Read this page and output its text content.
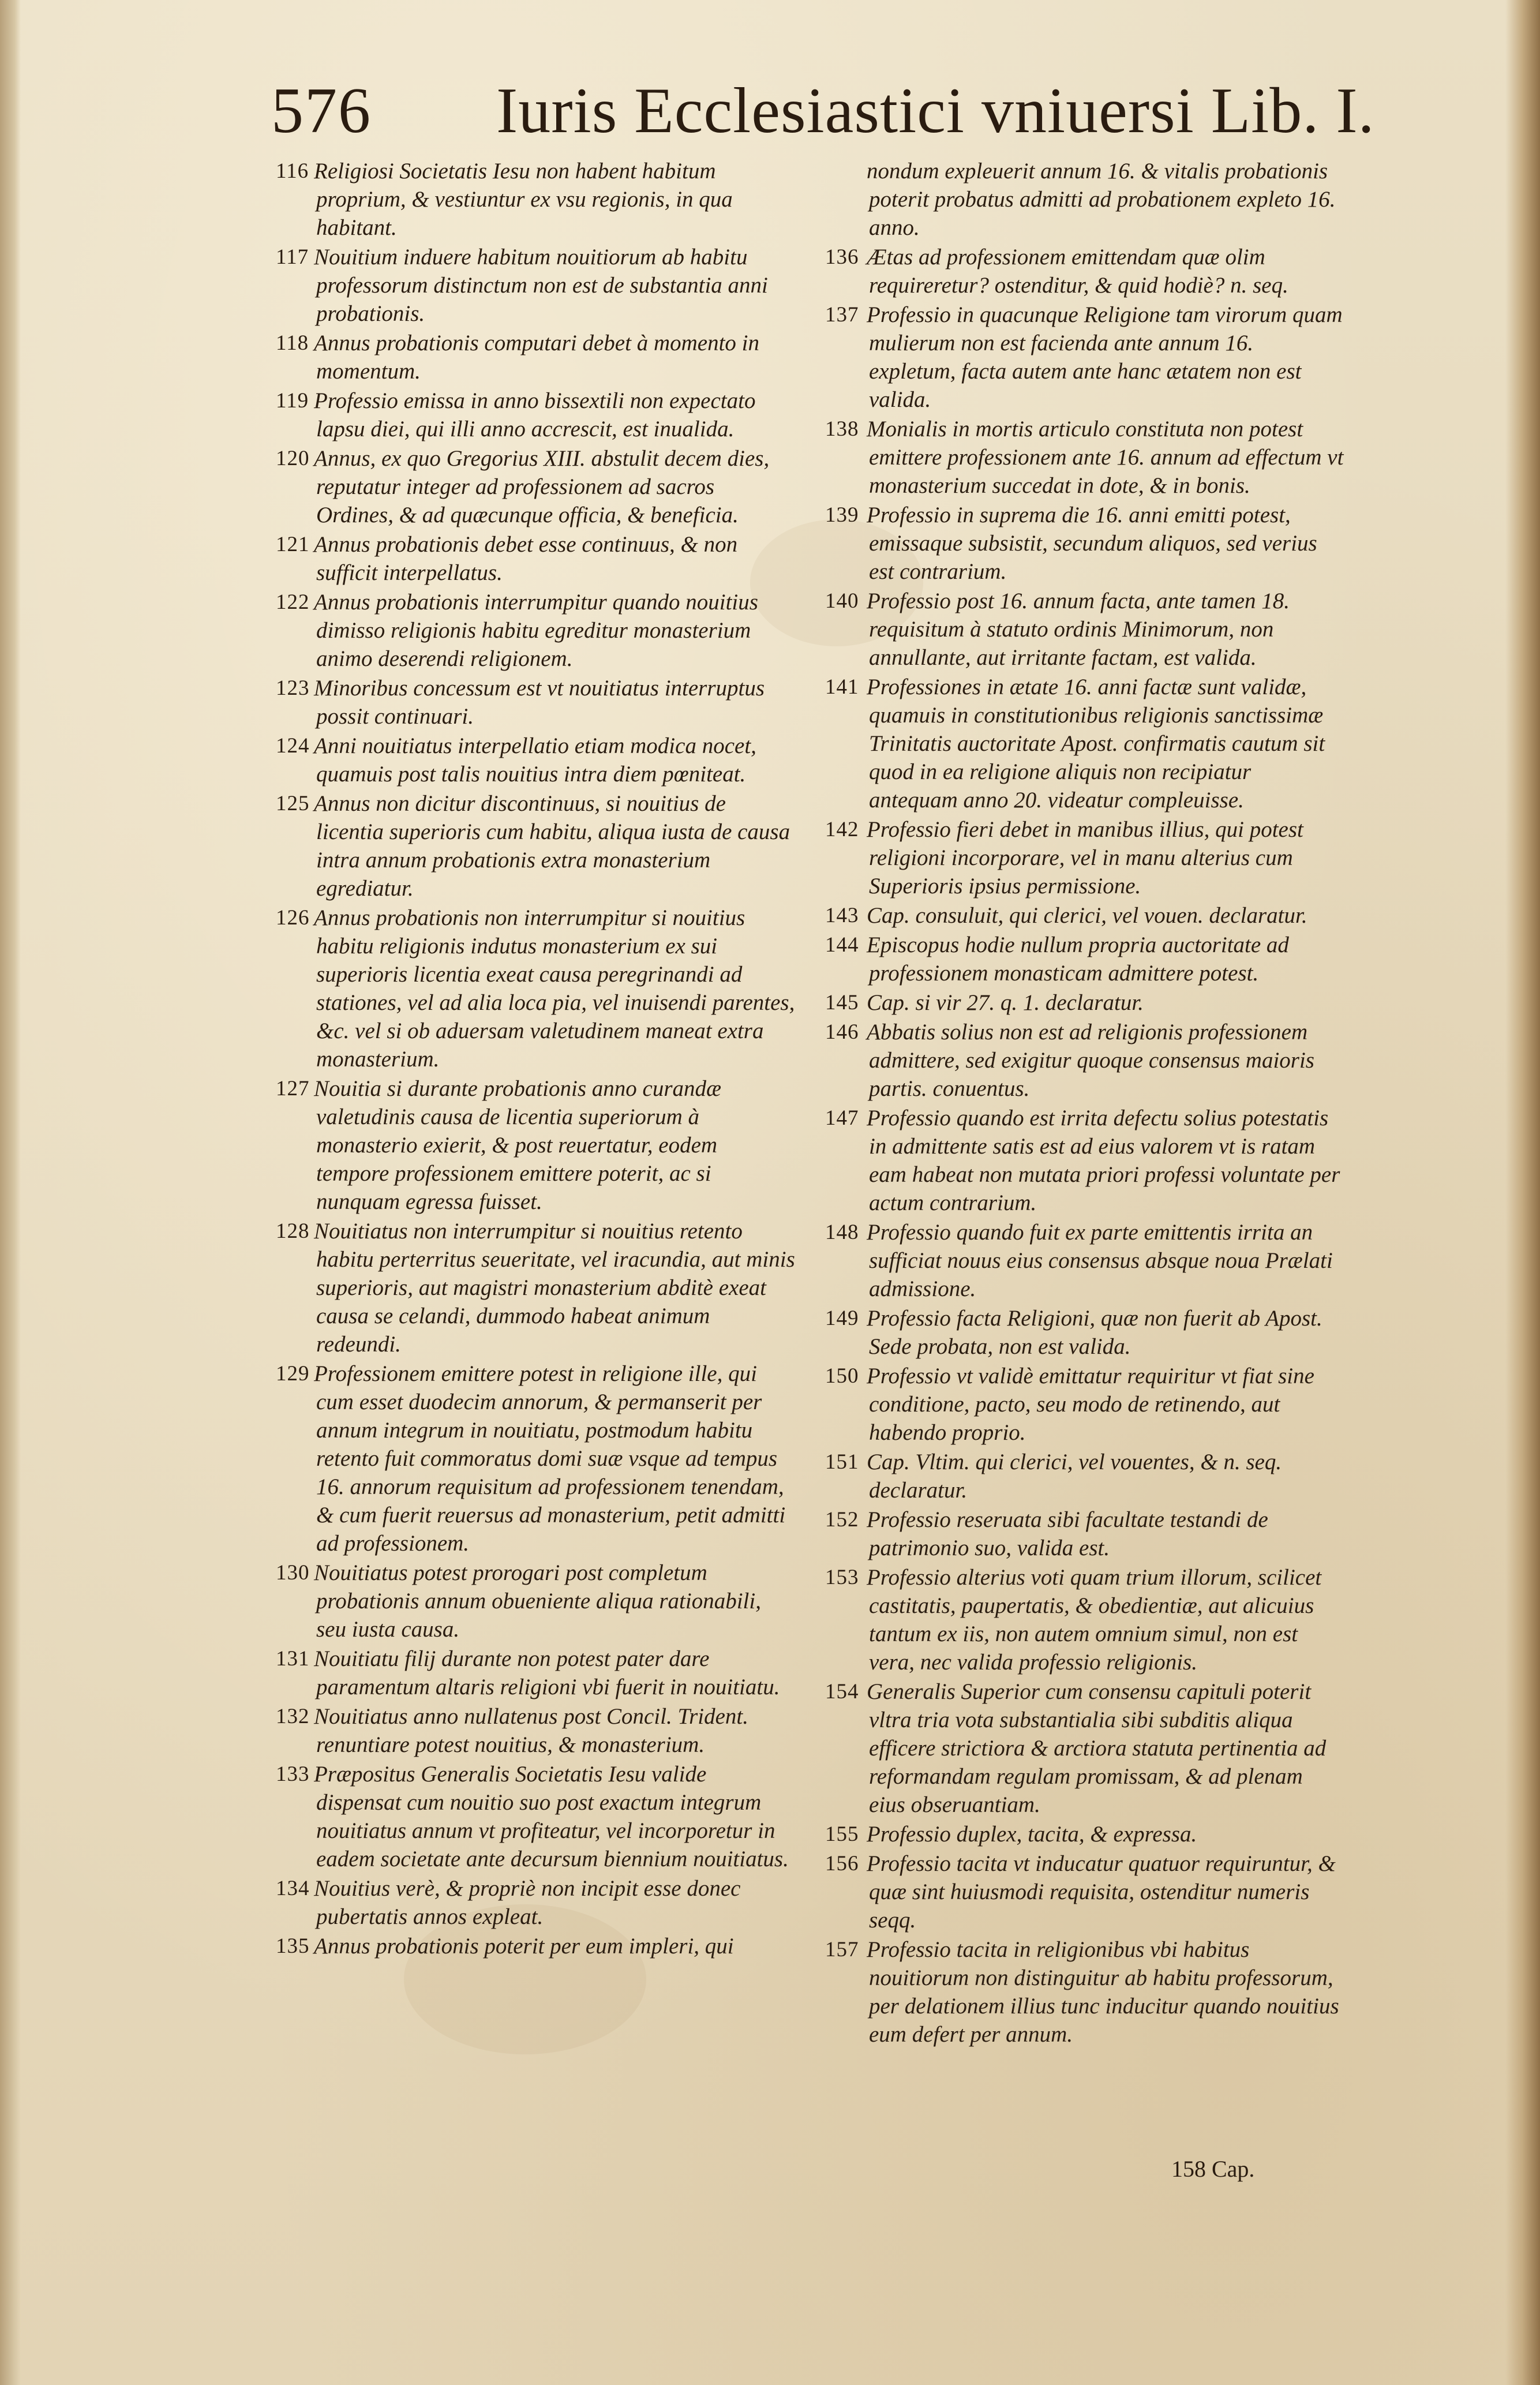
576 Iuris Ecclesiastici vniuersi Lib. I.
116 Religiosi Societatis Iesu non habent habitum proprium, & vestiuntur ex vsu regionis, in qua habitant.
117 Nouitium induere habitum nouitiorum ab habitu professorum distinctum non est de substantia anni probationis.
118 Annus probationis computari debet à momento in momentum.
119 Professio emissa in anno bissextili non expectato lapsu diei, qui illi anno accrescit, est inualida.
120 Annus, ex quo Gregorius XIII. abstulit decem dies, reputatur integer ad professionem ad sacros Ordines, & ad quæcunque officia, & beneficia.
121 Annus probationis debet esse continuus, & non sufficit interpellatus.
122 Annus probationis interrumpitur quando nouitius dimisso religionis habitu egreditur monasterium animo deserendi religionem.
123 Minoribus concessum est vt nouitiatus interruptus possit continuari.
124 Anni nouitiatus interpellatio etiam modica nocet, quamuis post talis nouitius intra diem pœniteat.
125 Annus non dicitur discontinuus, si nouitius de licentia superioris cum habitu, aliqua iusta de causa intra annum probationis extra monasterium egrediatur.
126 Annus probationis non interrumpitur si nouitius habitu religionis indutus monasterium ex sui superioris licentia exeat causa peregrinandi ad stationes, vel ad alia loca pia, vel inuisendi parentes, &c. vel si ob aduersam valetudinem maneat extra monasterium.
127 Nouitia si durante probationis anno curandæ valetudinis causa de licentia superiorum à monasterio exierit, & post reuertatur, eodem tempore professionem emittere poterit, ac si nunquam egressa fuisset.
128 Nouitiatus non interrumpitur si nouitius retento habitu perterritus seueritate, vel iracundia, aut minis superioris, aut magistri monasterium abditè exeat causa se celandi, dummodo habeat animum redeundi.
129 Professionem emittere potest in religione ille, qui cum esset duodecim annorum, & permanserit per annum integrum in nouitiatu, postmodum habitu retento fuit commoratus domi suæ vsque ad tempus 16. annorum requisitum ad professionem tenendam, & cum fuerit reuersus ad monasterium, petit admitti ad professionem.
130 Nouitiatus potest prorogari post completum probationis annum obueniente aliqua rationabili, seu iusta causa.
131 Nouitiatu filij durante non potest pater dare paramentum altaris religioni vbi fuerit in nouitiatu.
132 Nouitiatus anno nullatenus post Concil. Trident. renuntiare potest nouitius, & monasterium.
133 Præpositus Generalis Societatis Iesu valide dispensat cum nouitio suo post exactum integrum nouitiatus annum vt profiteatur, vel incorporetur in eadem societate ante decursum biennium nouitiatus.
134 Nouitius verè, & propriè non incipit esse donec pubertatis annos expleat.
135 Annus probationis poterit per eum impleri, qui
nondum expleuerit annum 16. & vitalis probationis poterit probatus admitti ad probationem expleto 16. anno.
136 Ætas ad professionem emittendam quæ olim requireretur? ostenditur, & quid hodiè? n. seq.
137 Professio in quacunque Religione tam virorum quam mulierum non est facienda ante annum 16. expletum, facta autem ante hanc ætatem non est valida.
138 Monialis in mortis articulo constituta non potest emittere professionem ante 16. annum ad effectum vt monasterium succedat in dote, & in bonis.
139 Professio in suprema die 16. anni emitti potest, emissaque subsistit, secundum aliquos, sed verius est contrarium.
140 Professio post 16. annum facta, ante tamen 18. requisitum à statuto ordinis Minimorum, non annullante, aut irritante factam, est valida.
141 Professiones in ætate 16. anni factæ sunt validæ, quamuis in constitutionibus religionis sanctissimæ Trinitatis auctoritate Apost. confirmatis cautum sit quod in ea religione aliquis non recipiatur antequam anno 20. videatur compleuisse.
142 Professio fieri debet in manibus illius, qui potest religioni incorporare, vel in manu alterius cum Superioris ipsius permissione.
143 Cap. consuluit, qui clerici, vel vouen. declaratur.
144 Episcopus hodie nullum propria auctoritate ad professionem monasticam admittere potest.
145 Cap. si vir 27. q. 1. declaratur.
146 Abbatis solius non est ad religionis professionem admittere, sed exigitur quoque consensus maioris partis. conuentus.
147 Professio quando est irrita defectu solius potestatis in admittente satis est ad eius valorem vt is ratam eam habeat non mutata priori professi voluntate per actum contrarium.
148 Professio quando fuit ex parte emittentis irrita an sufficiat nouus eius consensus absque noua Prælati admissione.
149 Professio facta Religioni, quæ non fuerit ab Apost. Sede probata, non est valida.
150 Professio vt validè emittatur requiritur vt fiat sine conditione, pacto, seu modo de retinendo, aut habendo proprio.
151 Cap. Vltim. qui clerici, vel vouentes, & n. seq. declaratur.
152 Professio reseruata sibi facultate testandi de patrimonio suo, valida est.
153 Professio alterius voti quam trium illorum, scilicet castitatis, paupertatis, & obedientiæ, aut alicuius tantum ex iis, non autem omnium simul, non est vera, nec valida professio religionis.
154 Generalis Superior cum consensu capituli poterit vltra tria vota substantialia sibi subditis aliqua efficere strictiora & arctiora statuta pertinentia ad reformandam regulam promissam, & ad plenam eius obseruantiam.
155 Professio duplex, tacita, & expressa.
156 Professio tacita vt inducatur quatuor requiruntur, & quæ sint huiusmodi requisita, ostenditur numeris seqq.
157 Professio tacita in religionibus vbi habitus nouitiorum non distinguitur ab habitu professorum, per delationem illius tunc inducitur quando nouitius eum defert per annum.
158 Cap.
